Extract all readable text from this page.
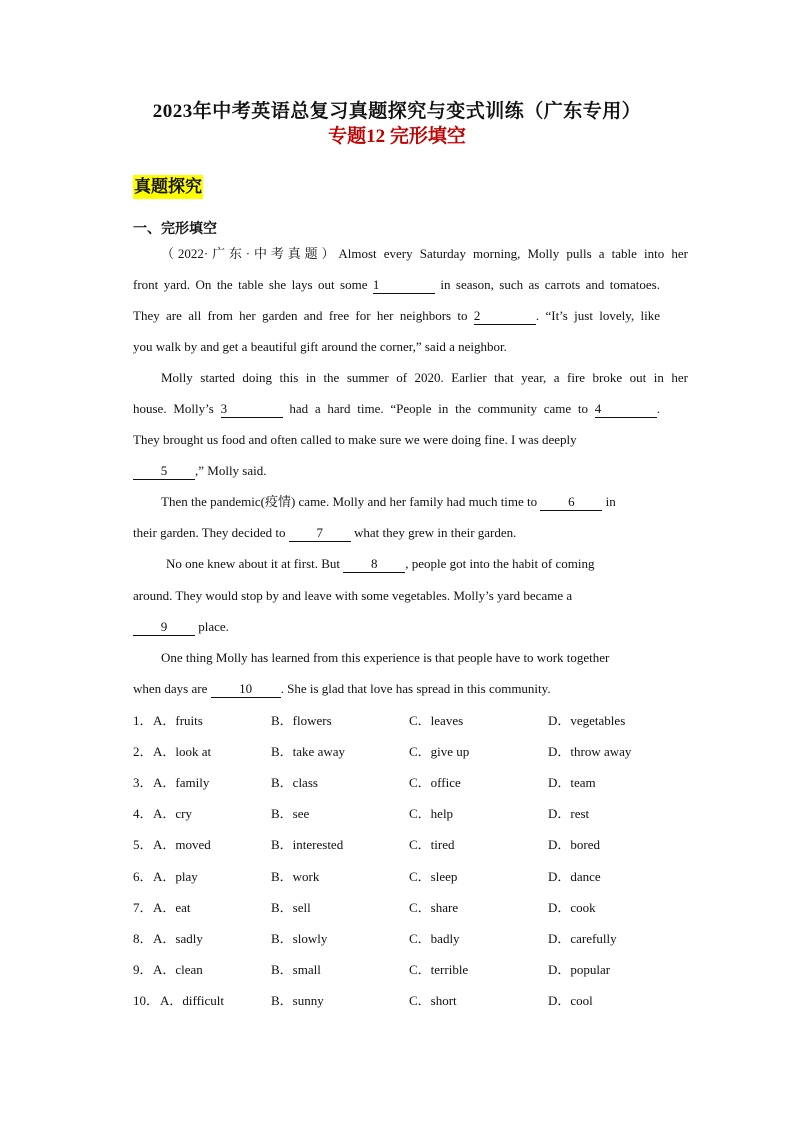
2023年中考英语总复习真题探究与变式训练（广东专用）
专题12 完形填空
真题探究
一、完形填空
（2022·广东·中考真题）Almost every Saturday morning, Molly pulls a table into her
front yard. On the table she lays out some 1	in season, such as carrots and tomatoes.
They are all from her garden and free for her neighbors to 2	. “It’s just lovely, like
you walk by and get a beautiful gift around the corner,” said a neighbor.
Molly started doing this in the summer of 2020. Earlier that year, a fire broke out in her
house. Molly’s 3	had a hard time. “People in the community came to 4	.
They brought us food and often called to make sure we were doing fine. I was deeply
5 ,” Molly said.
Then the pandemic(疫情) came. Molly and her family had much time to 6 in
their garden. They decided to 7 what they grew in their garden.
No one knew about it at first. But 8 , people got into the habit of coming
around. They would stop by and leave with some vegetables. Molly’s yard became a
9 place.
One thing Molly has learned from this experience is that people have to work together
when days are 10 . She is glad that love has spread in this community.
1． A．fruits	B．flowers	C．leaves	D．vegetables
2． A．look at	B．take away	C．give up	D．throw away
3． A．family	B．class	C．office	D．team
4． A．cry	B．see	C．help	D．rest
5． A．moved	B．interested	C．tired	D．bored
6． A．play	B．work	C．sleep	D．dance
7． A．eat	B．sell	C．share	D．cook
8． A．sadly	B．slowly	C．badly	D．carefully
9． A．clean	B．small	C．terrible	D．popular
10． A．difficult	B．sunny	C．short	D．cool
